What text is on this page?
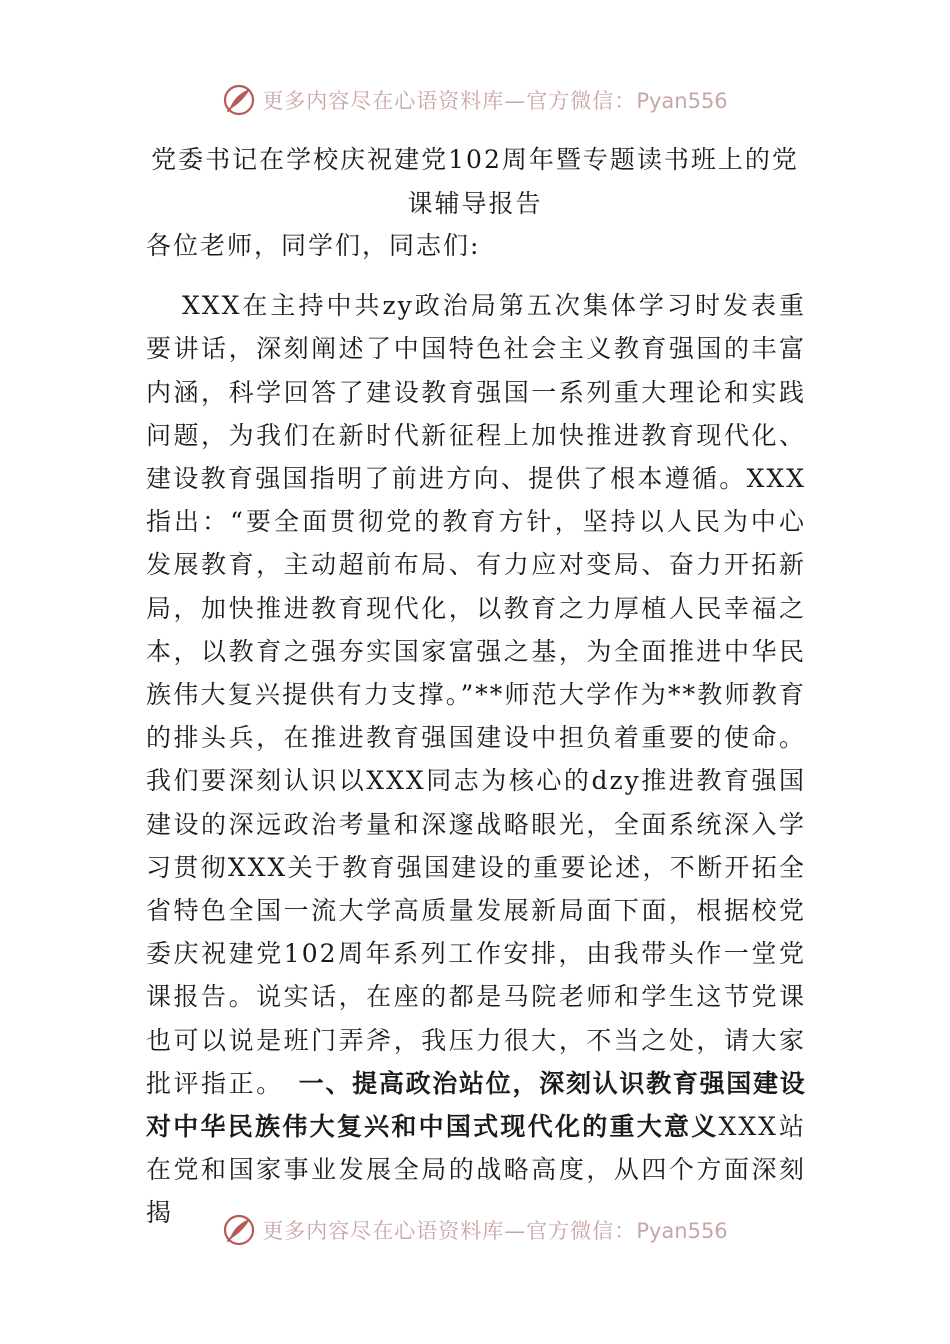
更多内容尽在心语资料库—官方微信：Pyan556
党委书记在学校庆祝建党102周年暨专题读书班上的党课辅导报告

各位老师，同学们，同志们:

XXX在主持中共zy政治局第五次集体学习时发表重要讲话，深刻阐述了中国特色社会主义教育强国的丰富内涵，科学回答了建设教育强国一系列重大理论和实践问题，为我们在新时代新征程上加快推进教育现代化、建设教育强国指明了前进方向、提供了根本遵循。XXX指出：“要全面贯彻党的教育方针，坚持以人民为中心发展教育，主动超前布局、有力应对变局、奋力开拓新局，加快推进教育现代化，以教育之力厚植人民幸福之本，以教育之强夯实国家富强之基，为全面推进中华民族伟大复兴提供有力支撑。”**师范大学作为**教师教育的排头兵，在推进教育强国建设中担负着重要的使命。我们要深刻认识以XXX同志为核心的dzy推进教育强国建设的深远政治考量和深邃战略眼光，全面系统深入学习贯彻XXX关于教育强国建设的重要论述，不断开拓全省特色全国一流大学高质量发展新局面下面，根据校党委庆祝建党102周年系列工作安排，由我带头作一堂党课报告。说实话，在座的都是马院老师和学生这节党课也可以说是班门弄斧，我压力很大，不当之处，请大家批评指正。　 一、提高政治站位，深刻认识教育强国建设对中华民族伟大复兴和中国式现代化的重大意义XXX站在党和国家事业发展全局的战略高度，从四个方面深刻揭

更多内容尽在心语资料库—官方微信：Pyan556
